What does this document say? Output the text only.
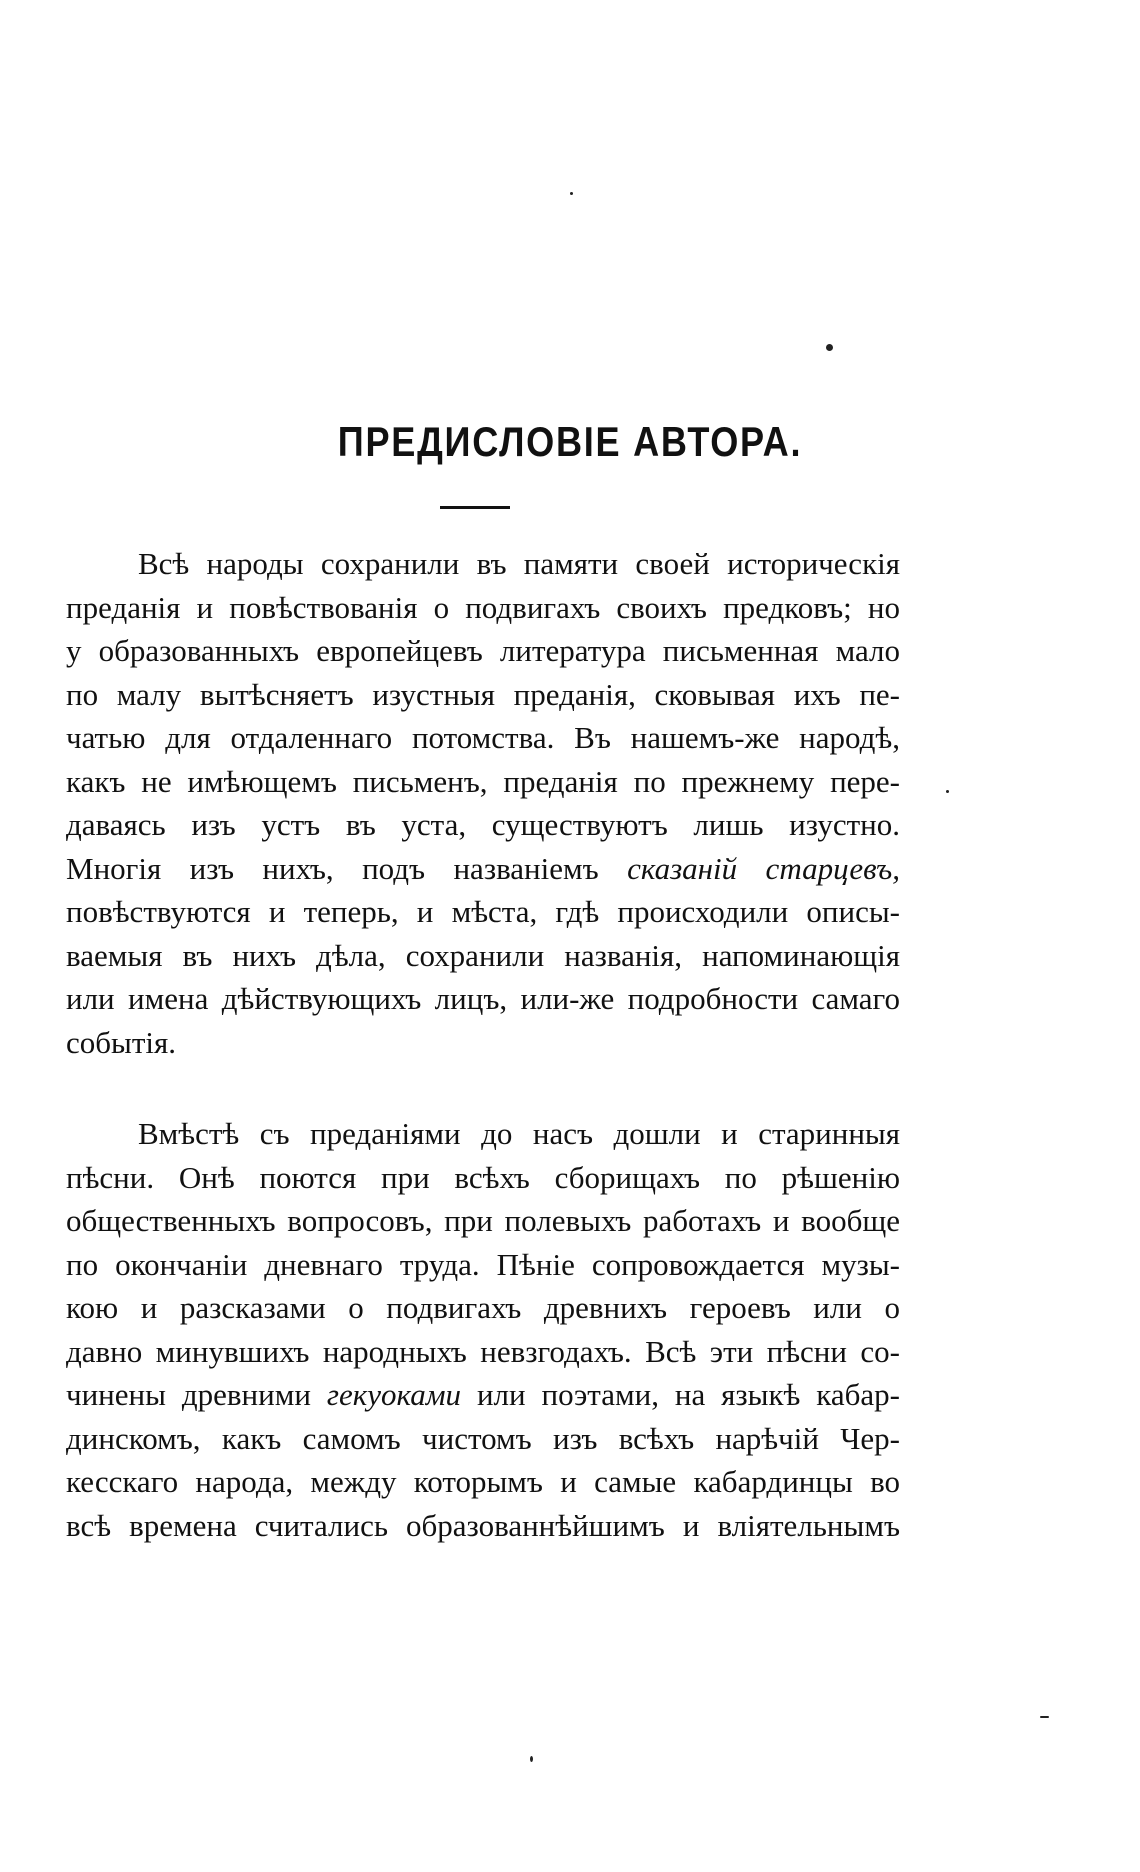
ПРЕДИСЛОВІЕ АВТОРА.
Всѣ народы сохранили въ памяти своей историческія
преданія и повѣствованія о подвигахъ своихъ предковъ; но
у образованныхъ европейцевъ литература письменная мало
по малу вытѣсняетъ изустныя преданія, сковывая ихъ пе-
чатью для отдаленнаго потомства. Въ нашемъ-же народѣ,
какъ не имѣющемъ письменъ, преданія по прежнему пере-
даваясь изъ устъ въ уста, существуютъ лишь изустно.
Многія изъ нихъ, подъ названіемъ сказаній старцевъ,
повѣствуются и теперь, и мѣста, гдѣ происходили описы-
ваемыя въ нихъ дѣла, сохранили названія, напоминающія
или имена дѣйствующихъ лицъ, или-же подробности самаго
событія.
Вмѣстѣ съ преданіями до насъ дошли и старинныя
пѣсни. Онѣ поются при всѣхъ сборищахъ по рѣшенію
общественныхъ вопросовъ, при полевыхъ работахъ и вообще
по окончаніи дневнаго труда. Пѣніе сопровождается музы-
кою и разсказами о подвигахъ древнихъ героевъ или о
давно минувшихъ народныхъ невзгодахъ. Всѣ эти пѣсни со-
чинены древними гекуоками или поэтами, на языкѣ кабар-
динскомъ, какъ самомъ чистомъ изъ всѣхъ нарѣчій Чер-
кесскаго народа, между которымъ и самые кабардинцы во
всѣ времена считались образованнѣйшимъ и вліятельнымъ
